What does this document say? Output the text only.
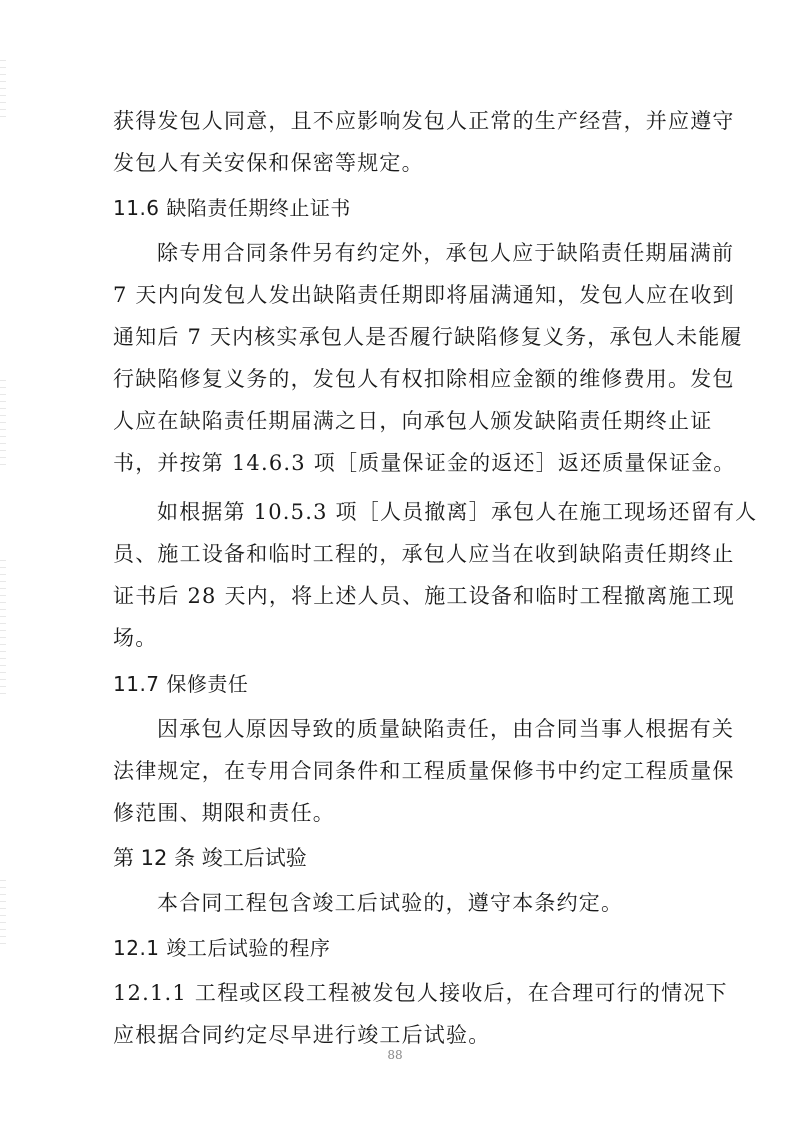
获得发包人同意，且不应影响发包人正常的生产经营，并应遵守
发包人有关安保和保密等规定。
11.6 缺陷责任期终止证书
除专用合同条件另有约定外，承包人应于缺陷责任期届满前
7 天内向发包人发出缺陷责任期即将届满通知，发包人应在收到
通知后 7 天内核实承包人是否履行缺陷修复义务，承包人未能履
行缺陷修复义务的，发包人有权扣除相应金额的维修费用。发包
人应在缺陷责任期届满之日，向承包人颁发缺陷责任期终止证
书，并按第 14.6.3 项［质量保证金的返还］返还质量保证金。
如根据第 10.5.3 项［人员撤离］承包人在施工现场还留有人
员、施工设备和临时工程的，承包人应当在收到缺陷责任期终止
证书后 28 天内，将上述人员、施工设备和临时工程撤离施工现
场。
11.7 保修责任
因承包人原因导致的质量缺陷责任，由合同当事人根据有关
法律规定，在专用合同条件和工程质量保修书中约定工程质量保
修范围、期限和责任。
第 12 条 竣工后试验
本合同工程包含竣工后试验的，遵守本条约定。
12.1 竣工后试验的程序
12.1.1 工程或区段工程被发包人接收后，在合理可行的情况下
应根据合同约定尽早进行竣工后试验。
88
